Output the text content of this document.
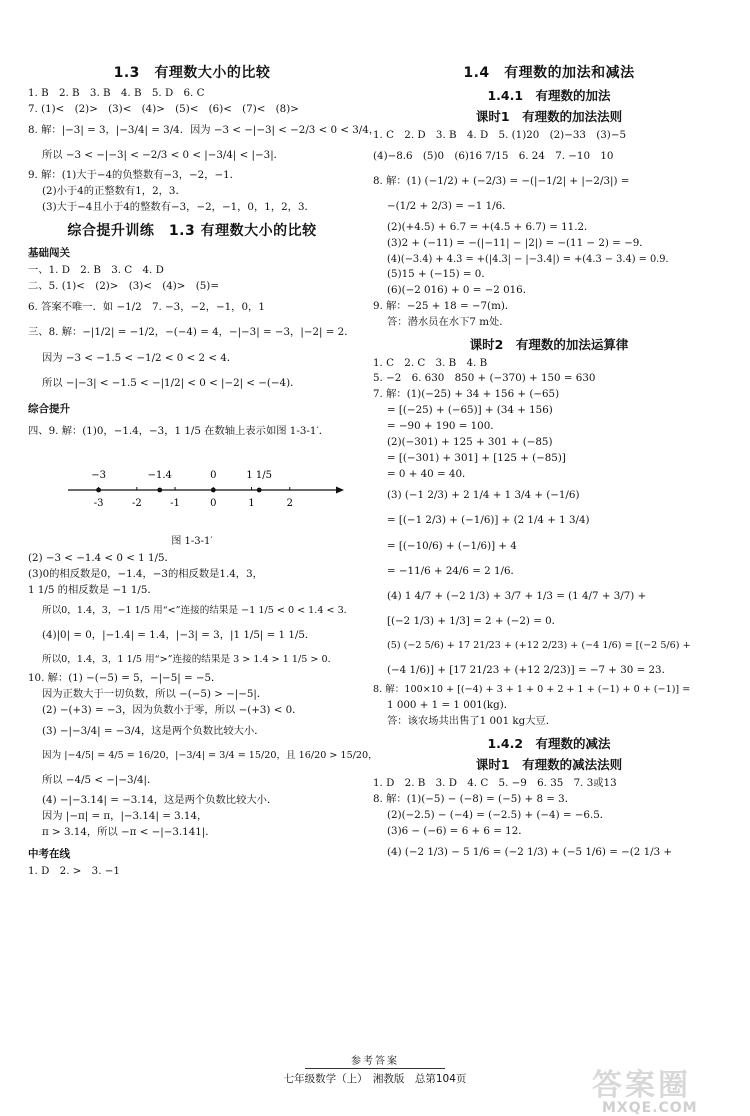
1.3　有理数大小的比较
1. B　2. B　3. B　4. B　5. D　6. C
7. (1)<　(2)>　(3)<　(4)>　(5)<　(6)<　(7)<　(8)>
8. 解：|−3| = 3，|−3/4| = 3/4．因为 −3 < −|−3| < −2/3 < 0 < 3/4，
所以 −3 < −|−3| < −2/3 < 0 < |−3/4| < |−3|．
9. 解：(1)大于−4的负整数有−3，−2，−1．
(2)小于4的正整数有1，2，3．
(3)大于−4且小于4的整数有−3，−2，−1，0，1，2，3．
综合提升训练　1.3 有理数大小的比较
基础闯关
一、1. D　2. B　3. C　4. D
二、5. (1)<　(2)>　(3)<　(4)>　(5)=
6. 答案不唯一．如 −1/2　7. −3，−2，−1，0，1
三、8. 解：−|1/2| = −1/2，−(−4) = 4，−|−3| = −3，|−2| = 2．
因为 −3 < −1.5 < −1/2 < 0 < 2 < 4．
所以 −|−3| < −1.5 < −|1/2| < 0 < |−2| < −(−4)．
综合提升
四、9. 解：(1)0，−1.4，−3，1 1/5 在数轴上表示如图 1-3-1′．
-3	-2	-1	0	1	2
−3	−1.4	0	1 1/5
图 1-3-1′
(2) −3 < −1.4 < 0 < 1 1/5．
(3)0的相反数是0，−1.4，−3的相反数是1.4，3，
1 1/5 的相反数是 −1 1/5．
所以0，1.4，3，−1 1/5 用“<”连接的结果是 −1 1/5 < 0 < 1.4 < 3．
(4)|0| = 0，|−1.4| = 1.4，|−3| = 3，|1 1/5| = 1 1/5．
所以0，1.4，3，1 1/5 用“>”连接的结果是 3 > 1.4 > 1 1/5 > 0．
10. 解：(1) −(−5) = 5，−|−5| = −5．
因为正数大于一切负数，所以 −(−5) > −|−5|．
(2) −(+3) = −3，因为负数小于零，所以 −(+3) < 0．
(3) −|−3/4| = −3/4，这是两个负数比较大小．
因为 |−4/5| = 4/5 = 16/20，|−3/4| = 3/4 = 15/20，且 16/20 > 15/20，
所以 −4/5 < −|−3/4|．
(4) −|−3.14| = −3.14，这是两个负数比较大小．
因为 |−π| = π，|−3.14| = 3.14，
π > 3.14，所以 −π < −|−3.141|．
中考在线
1. D　2. >　3. −1
1.4　有理数的加法和减法
1.4.1　有理数的加法
课时1　有理数的加法法则
1. C　2. D　3. B　4. D　5. (1)20　(2)−33　(3)−5
(4)−8.6　(5)0　(6)16 7/15　6. 24　7. −10　10
8. 解：(1) (−1/2) + (−2/3) = −(|−1/2| + |−2/3|) =
−(1/2 + 2/3) = −1 1/6．
(2)(+4.5) + 6.7 = +(4.5 + 6.7) = 11.2．
(3)2 + (−11) = −(|−11| − |2|) = −(11 − 2) = −9．
(4)(−3.4) + 4.3 = +(|4.3| − |−3.4|) = +(4.3 − 3.4) = 0.9．
(5)15 + (−15) = 0．
(6)(−2 016) + 0 = −2 016．
9. 解：−25 + 18 = −7(m)．
答：潜水员在水下7 m处．
课时2　有理数的加法运算律
1. C　2. C　3. B　4. B
5. −2　6. 630　850 + (−370) + 150 = 630
7. 解：(1)(−25) + 34 + 156 + (−65)
= [(−25) + (−65)] + (34 + 156)
= −90 + 190 = 100．
(2)(−301) + 125 + 301 + (−85)
= [(−301) + 301] + [125 + (−85)]
= 0 + 40 = 40．
(3) (−1 2/3) + 2 1/4 + 1 3/4 + (−1/6)
= [(−1 2/3) + (−1/6)] + (2 1/4 + 1 3/4)
= [(−10/6) + (−1/6)] + 4
= −11/6 + 24/6 = 2 1/6．
(4) 1 4/7 + (−2 1/3) + 3/7 + 1/3 = (1 4/7 + 3/7) +
[(−2 1/3) + 1/3] = 2 + (−2) = 0．
(5) (−2 5/6) + 17 21/23 + (+12 2/23) + (−4 1/6) = [(−2 5/6) +
(−4 1/6)] + [17 21/23 + (+12 2/23)] = −7 + 30 = 23．
8. 解：100×10 + [(−4) + 3 + 1 + 0 + 2 + 1 + (−1) + 0 + (−1)] =
1 000 + 1 = 1 001(kg)．
答：该农场共出售了1 001 kg大豆．
1.4.2　有理数的减法
课时1　有理数的减法法则
1. D　2. B　3. D　4. C　5. −9　6. 35　7. 3或13
8. 解：(1)(−5) − (−8) = (−5) + 8 = 3．
(2)(−2.5) − (−4) = (−2.5) + (−4) = −6.5．
(3)6 − (−6) = 6 + 6 = 12．
(4) (−2 1/3) − 5 1/6 = (−2 1/3) + (−5 1/6) = −(2 1/3 +
参考答案
七年级数学（上）　湘教版　总第104页	答案圈
MXQE.COM
